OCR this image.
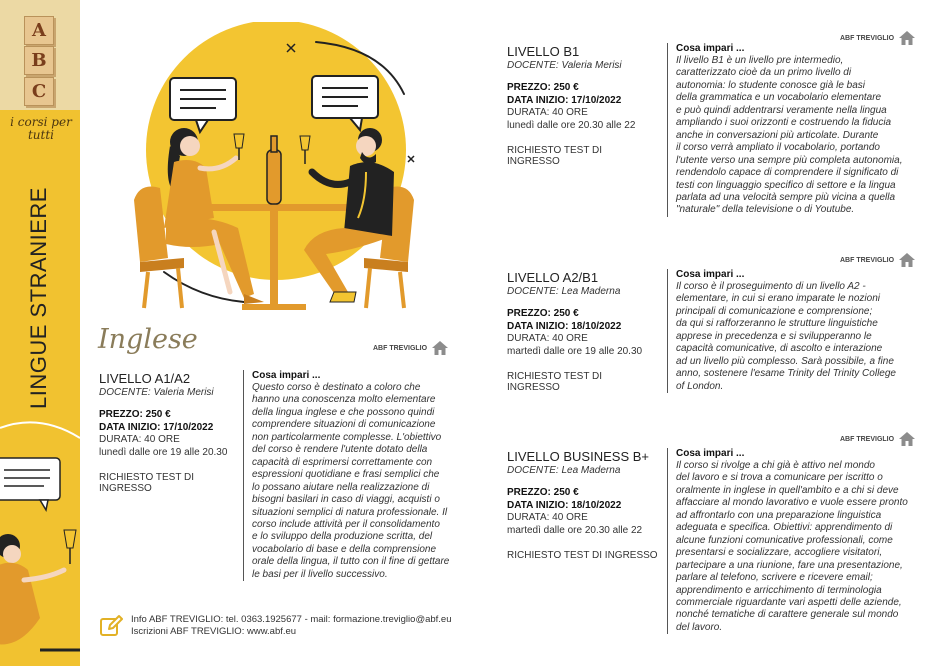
A
B
C
i corsi per tutti
LINGUE STRANIERE Inglese	ABF TREVIGLIO
ABF TREVIGLIO
ABF TREVIGLIO
ABF TREVIGLIO
LIVELLO A1/A2
DOCENTE: Valeria Merisi
PREZZO: 250 €
DATA INIZIO: 17/10/2022
DURATA: 40 ORE
lunedì dalle ore 19 alle 20.30
RICHIESTO TEST DI INGRESSO
Cosa impari ...
Questo corso è destinato a coloro che
hanno una conoscenza molto elementare
della lingua inglese e che possono quindi
comprendere situazioni di comunicazione
non particolarmente complesse. L'obiettivo
del corso è rendere l'utente dotato della
capacità di esprimersi correttamente con
espressioni quotidiane e frasi semplici che
lo possano aiutare nella realizzazione di
bisogni basilari in caso di viaggi, acquisti o
situazioni semplici di natura professionale. Il
corso include attività per il consolidamento
e lo sviluppo della produzione scritta, del
vocabolario di base e della comprensione
orale della lingua, il tutto con il fine di gettare
le basi per il livello successivo.
LIVELLO B1
DOCENTE: Valeria Merisi
PREZZO: 250 €
DATA INIZIO: 17/10/2022
DURATA: 40 ORE
lunedì dalle ore 20.30 alle 22
RICHIESTO TEST DI INGRESSO
Cosa impari ...
Il livello B1 è un livello pre intermedio,
caratterizzato cioè da un primo livello di
autonomia: lo studente conosce già le basi
della grammatica e un vocabolario elementare
e può quindi addentrarsi veramente nella lingua
ampliando i suoi orizzonti e costruendo la fiducia
anche in conversazioni più articolate. Durante
il corso verrà ampliato il vocabolario, portando
l'utente verso una sempre più completa autonomia,
rendendolo capace di comprendere il significato di
testi con linguaggio specifico di settore e la lingua
parlata ad una velocità sempre più vicina a quella
"naturale" della televisione o di Youtube.
LIVELLO A2/B1
DOCENTE: Lea Maderna
PREZZO: 250 €
DATA INIZIO: 18/10/2022
DURATA: 40 ORE
martedì dalle ore 19 alle 20.30
RICHIESTO TEST DI INGRESSO
Cosa impari ...
Il corso è il proseguimento di un livello A2 -
elementare, in cui si erano imparate le nozioni
principali di comunicazione e comprensione;
da qui si rafforzeranno le strutture linguistiche
apprese in precedenza e si svilupperanno le
capacità comunicative, di ascolto e interazione
ad un livello più complesso. Sarà possibile, a fine
anno, sostenere l'esame Trinity del Trinity College
of London.
LIVELLO BUSINESS B+
DOCENTE: Lea Maderna
PREZZO: 250 €
DATA INIZIO: 18/10/2022
DURATA: 40 ORE
martedì dalle ore 20.30 alle 22
RICHIESTO TEST DI INGRESSO
Cosa impari ...
Il corso si rivolge a chi già è attivo nel mondo
del lavoro e si trova a comunicare per iscritto o
oralmente in inglese in quell'ambito e a chi si deve
affacciare al mondo lavorativo e vuole essere pronto
ad affrontarlo con una preparazione linguistica
adeguata e specifica. Obiettivi: apprendimento di
alcune funzioni comunicative professionali, come
presentarsi e socializzare, accogliere visitatori,
partecipare a una riunione, fare una presentazione,
parlare al telefono, scrivere e ricevere email;
apprendimento e arricchimento di terminologia
commerciale riguardante vari aspetti delle aziende,
nonché tematiche di carattere generale sul mondo
del lavoro.
Info ABF TREVIGLIO: tel. 0363.1925677 - mail: formazione.treviglio@abf.eu
Iscrizioni ABF TREVIGLIO: www.abf.eu
